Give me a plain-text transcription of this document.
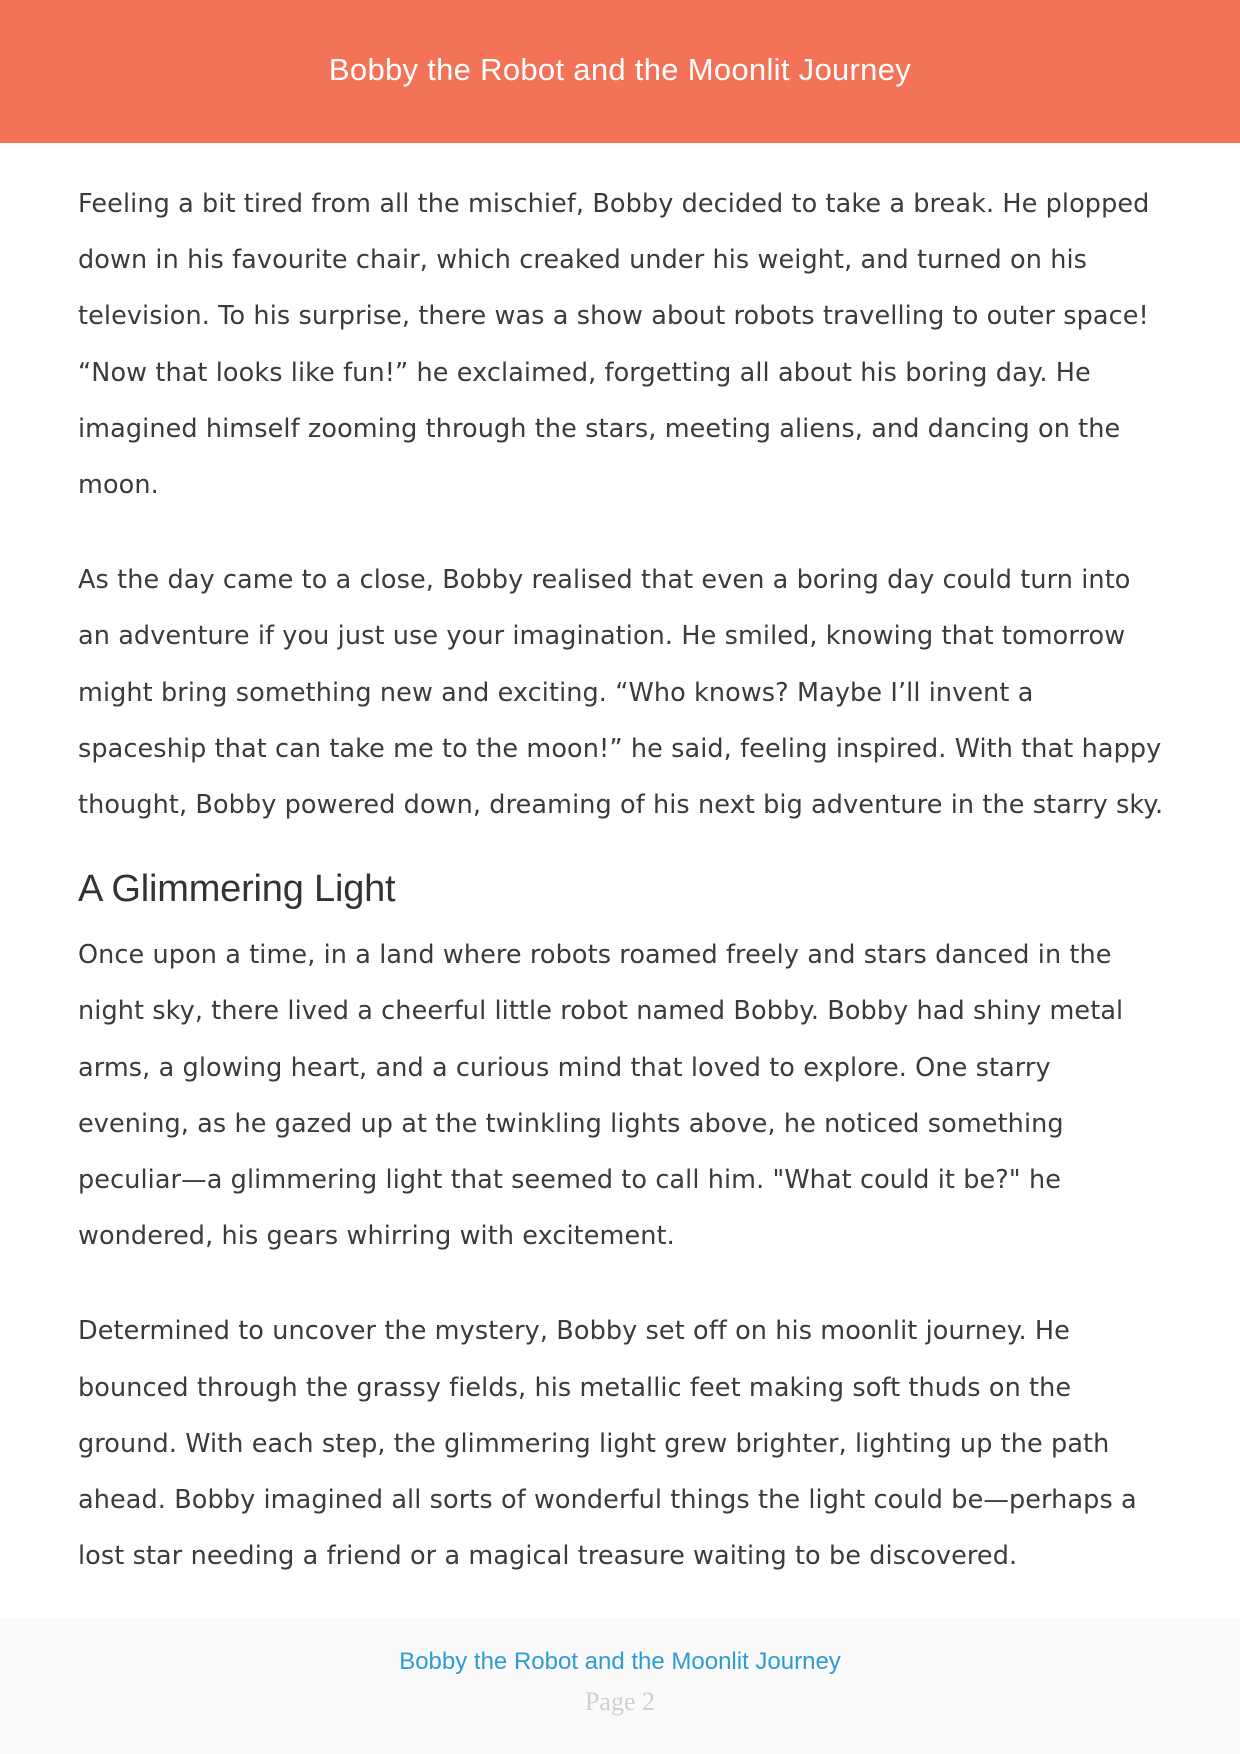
Bobby the Robot and the Moonlit Journey

Feeling a bit tired from all the mischief, Bobby decided to take a break. He plopped down in his favourite chair, which creaked under his weight, and turned on his television. To his surprise, there was a show about robots travelling to outer space! “Now that looks like fun!” he exclaimed, forgetting all about his boring day. He imagined himself zooming through the stars, meeting aliens, and dancing on the moon.

As the day came to a close, Bobby realised that even a boring day could turn into an adventure if you just use your imagination. He smiled, knowing that tomorrow might bring something new and exciting. “Who knows? Maybe I’ll invent a spaceship that can take me to the moon!” he said, feeling inspired. With that happy thought, Bobby powered down, dreaming of his next big adventure in the starry sky.

A Glimmering Light

Once upon a time, in a land where robots roamed freely and stars danced in the night sky, there lived a cheerful little robot named Bobby. Bobby had shiny metal arms, a glowing heart, and a curious mind that loved to explore. One starry evening, as he gazed up at the twinkling lights above, he noticed something peculiar—a glimmering light that seemed to call him. "What could it be?" he wondered, his gears whirring with excitement.

Determined to uncover the mystery, Bobby set off on his moonlit journey. He bounced through the grassy fields, his metallic feet making soft thuds on the ground. With each step, the glimmering light grew brighter, lighting up the path ahead. Bobby imagined all sorts of wonderful things the light could be—perhaps a lost star needing a friend or a magical treasure waiting to be discovered.

Bobby the Robot and the Moonlit Journey
Page 2
